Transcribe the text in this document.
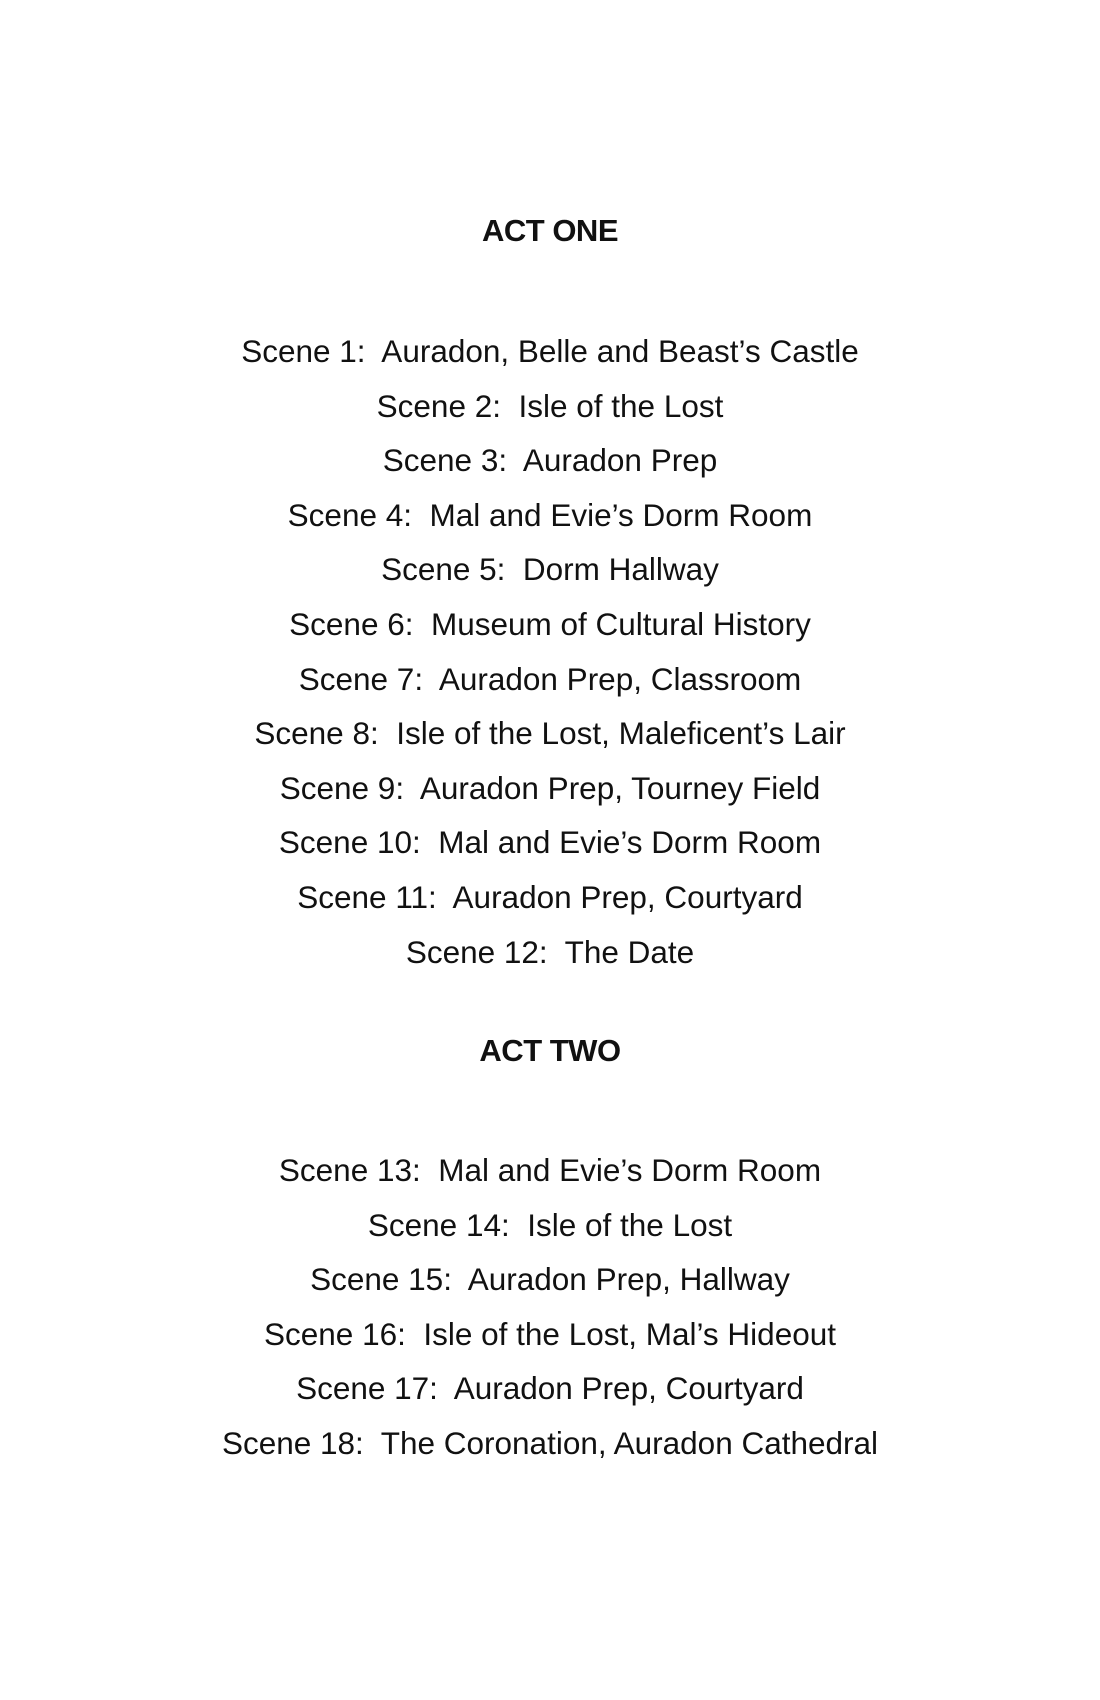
ACT ONE
Scene 1:  Auradon, Belle and Beast’s Castle
Scene 2:  Isle of the Lost
Scene 3:  Auradon Prep
Scene 4:  Mal and Evie’s Dorm Room
Scene 5:  Dorm Hallway
Scene 6:  Museum of Cultural History
Scene 7:  Auradon Prep, Classroom
Scene 8:  Isle of the Lost, Maleficent’s Lair
Scene 9:  Auradon Prep, Tourney Field
Scene 10:  Mal and Evie’s Dorm Room
Scene 11:  Auradon Prep, Courtyard
Scene 12:  The Date
ACT TWO
Scene 13:  Mal and Evie’s Dorm Room
Scene 14:  Isle of the Lost
Scene 15:  Auradon Prep, Hallway
Scene 16:  Isle of the Lost, Mal’s Hideout
Scene 17:  Auradon Prep, Courtyard
Scene 18:  The Coronation, Auradon Cathedral
